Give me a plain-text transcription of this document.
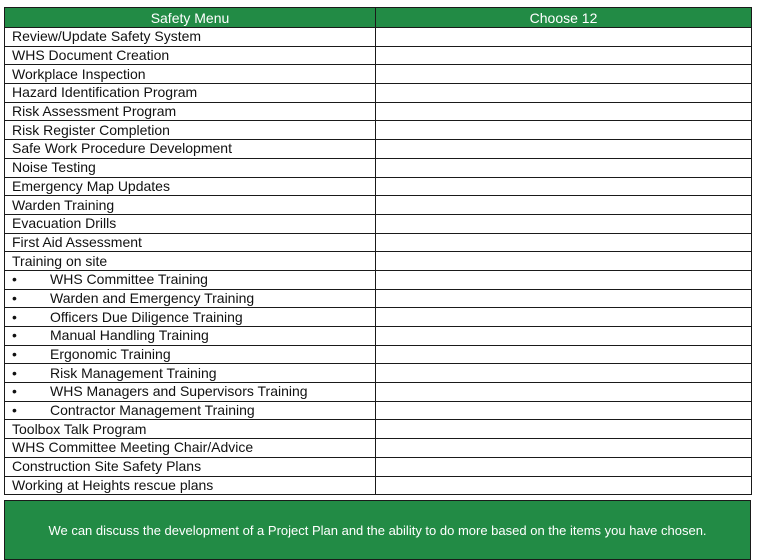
Safety Menu	Choose 12
Review/Update Safety System	
WHS Document Creation	
Workplace Inspection	
Hazard Identification Program	
Risk Assessment Program	
Risk Register Completion	
Safe Work Procedure Development	
Noise Testing	
Emergency Map Updates	
Warden Training	
Evacuation Drills	
First Aid Assessment	
Training on site	
• WHS Committee Training	
• Warden and Emergency Training	
• Officers Due Diligence Training	
• Manual Handling Training	
• Ergonomic Training	
• Risk Management Training	
• WHS Managers and Supervisors Training	
• Contractor Management Training	
Toolbox Talk Program	
WHS Committee Meeting Chair/Advice	
Construction Site Safety Plans	
Working at Heights rescue plans	
We can discuss the development of a Project Plan and the ability to do more based on the items you have chosen.
